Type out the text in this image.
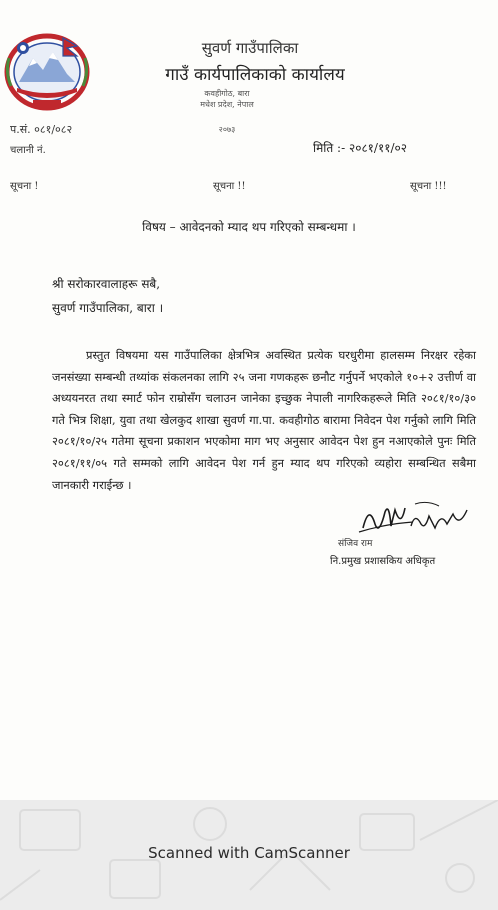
सुवर्ण गाउँपालिका
गाउँ कार्यपालिकाको कार्यालय
कवहीगोठ, बारा
मधेश प्रदेश, नेपाल
२०७३
प.सं. ०८१/०८२
चलानी नं.	मिति :- २०८१/११/०२
सूचना !	सूचना !!	सूचना !!!
विषय – आवेदनको म्याद थप गरिएको सम्बन्धमा ।
श्री सरोकारवालाहरू सबै,
सुवर्ण गाउँपालिका, बारा ।
प्रस्तुत विषयमा यस गाउँपालिका क्षेत्रभित्र अवस्थित प्रत्येक घरधुरीमा हालसम्म निरक्षर रहेका जनसंख्या सम्बन्धी तथ्यांक संकलनका लागि २५ जना गणकहरू छनौट गर्नुपर्ने भएकोले १०+२ उत्तीर्ण वा अध्ययनरत तथा स्मार्ट फोन राम्रोसँग चलाउन जानेका इच्छुक नेपाली नागरिकहरूले मिति २०८१/१०/३० गते भित्र शिक्षा, युवा तथा खेलकुद शाखा सुवर्ण गा.पा. कवहीगोठ बारामा निवेदन पेश गर्नुको लागि मिति २०८१/१०/२५ गतेमा सूचना प्रकाशन भएकोमा माग भए अनुसार आवेदन पेश हुन नआएकोले पुनः मिति २०८१/११/०५ गते सम्मको लागि आवेदन पेश गर्न हुन म्याद थप गरिएको व्यहोरा सम्बन्धित सबैमा जानकारी गराईन्छ ।
संजिव राम
नि.प्रमुख प्रशासकिय अधिकृत
Scanned with CamScanner
